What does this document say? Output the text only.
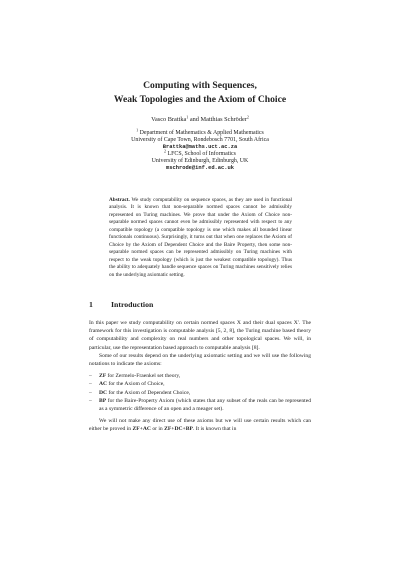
Computing with Sequences,
Weak Topologies and the Axiom of Choice
Vasco Brattka$^1$ and Matthias Schröder$^2$
$^1$ Department of Mathematics & Applied Mathematics
University of Cape Town, Rondebosch 7701, South Africa
Brattka@maths.uct.ac.za
$^2$ LFCS, School of Informatics
University of Edinburgh, Edinburgh, UK
mschrode@inf.ed.ac.uk
Abstract. We study computability on sequence spaces, as they are used in functional analysis. It is known that non-separable normed spaces cannot be admissibly represented on Turing machines. We prove that under the Axiom of Choice non-separable normed spaces cannot even be admissibly represented with respect to any compatible topology (a compatible topology is one which makes all bounded linear functionals continuous). Surprisingly, it turns out that when one replaces the Axiom of Choice by the Axiom of Dependent Choice and the Baire Property, then some non-separable normed spaces can be represented admissibly on Turing machines with respect to the weak topology (which is just the weakest compatible topology). Thus the ability to adequately handle sequence spaces on Turing machines sensitively relies on the underlying axiomatic setting.
1 Introduction

In this paper we study computability on certain normed spaces X and their dual spaces X′. The framework for this investigation is computable analysis [5, 2, 8], the Turing machine based theory of computability and complexity on real numbers and other topological spaces. We will, in particular, use the representation based approach to computable analysis [8].

Some of our results depend on the underlying axiomatic setting and we will use the following notations to indicate the axioms:

– ZF for Zermelo-Fraenkel set theory,
– AC for the Axiom of Choice,
– DC for the Axiom of Dependent Choice,
– BP for the Baire-Property Axiom (which states that any subset of the reals can be represented as a symmetric difference of an open and a meager set).

We will not make any direct use of these axioms but we will use certain results which can either be proved in ZF+AC or in ZF+DC+BP. It is known that in
